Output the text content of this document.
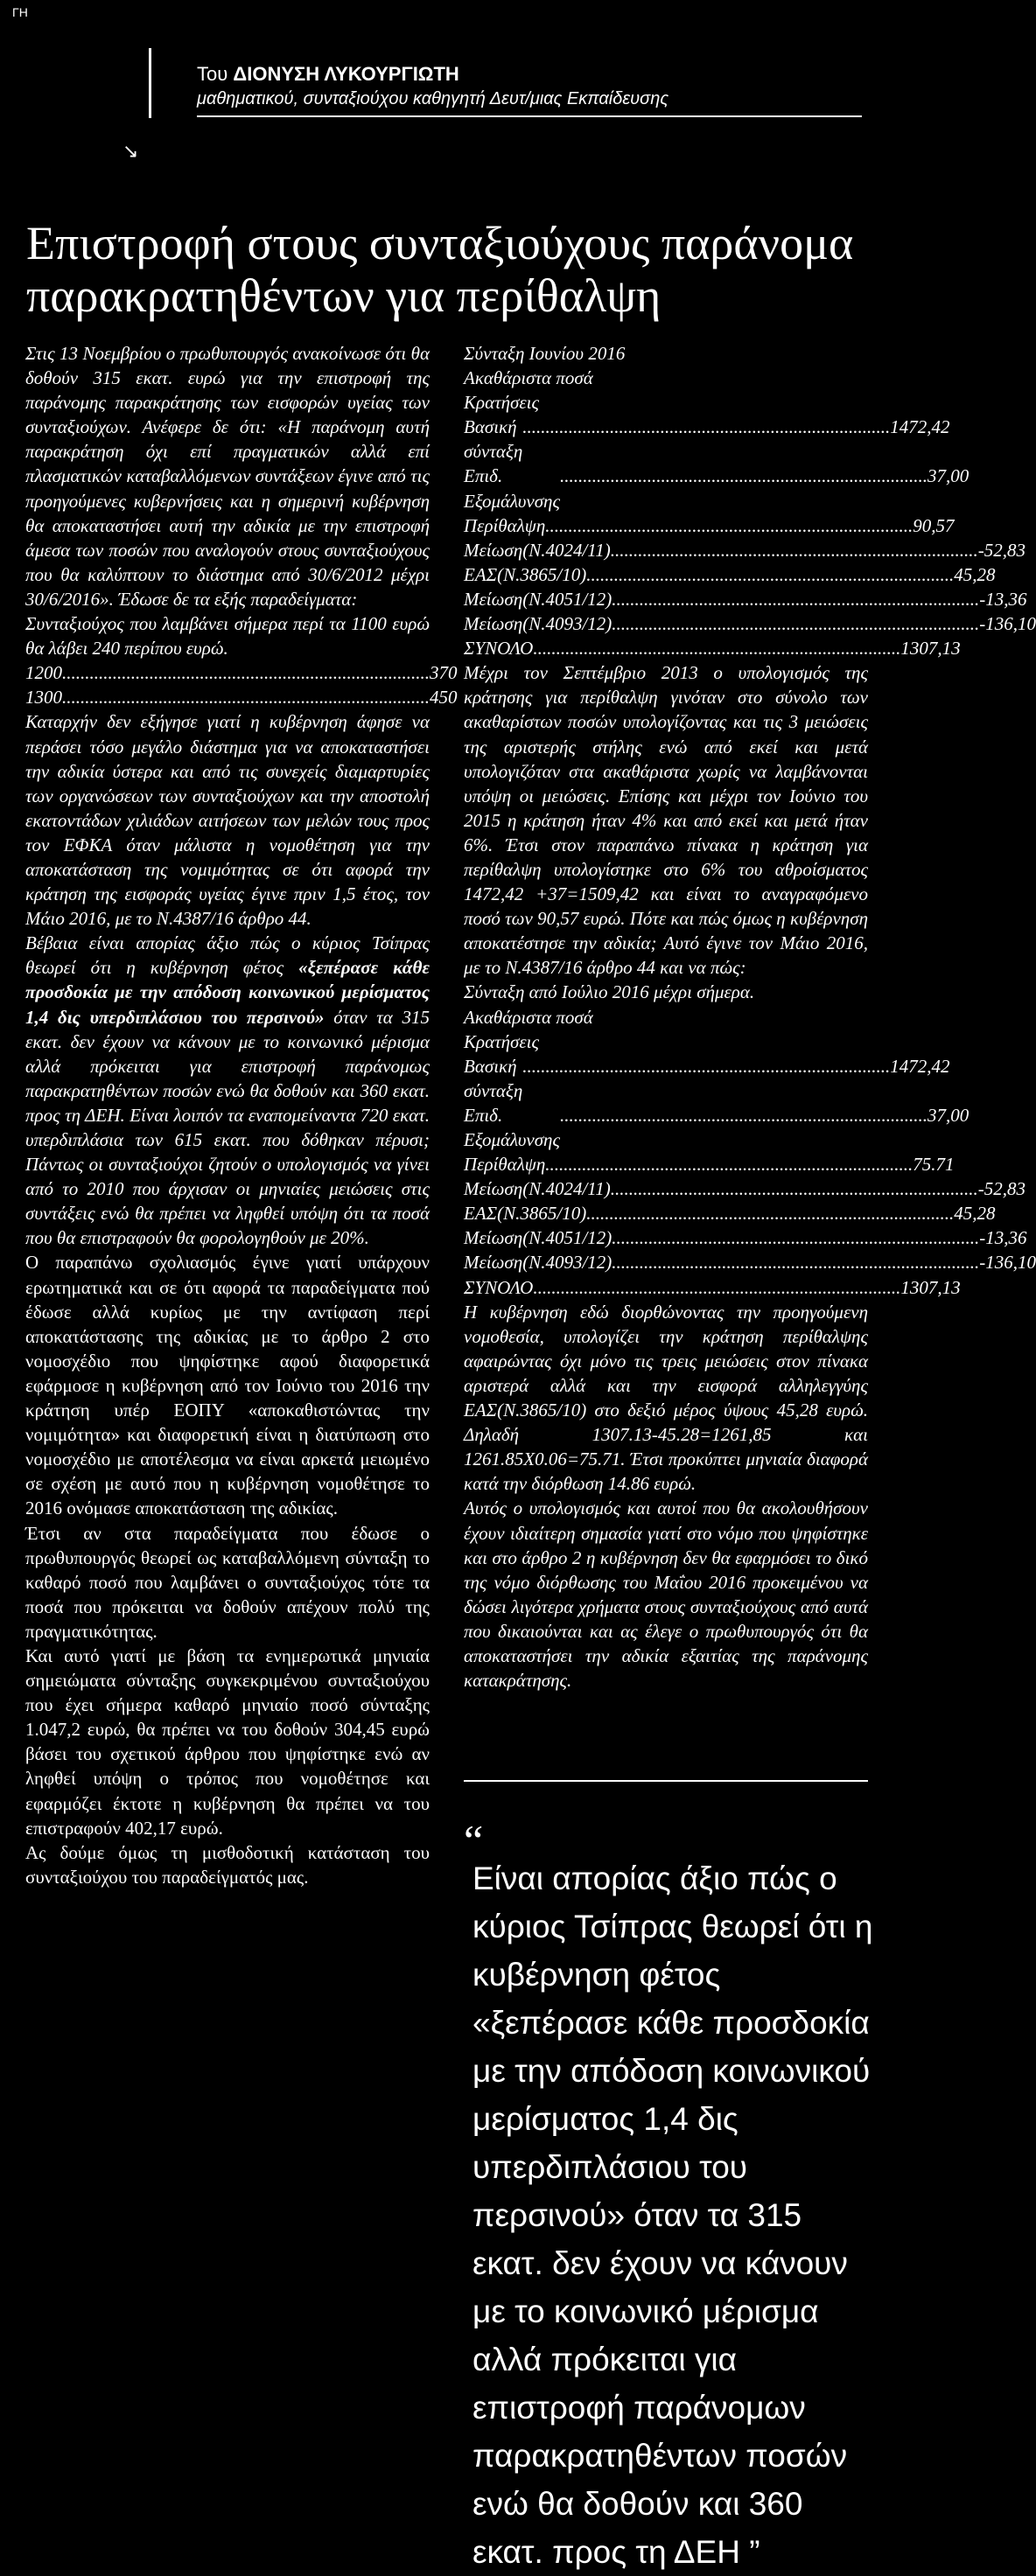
ΓΗ
Του ΔΙΟΝΥΣΗ ΛΥΚΟΥΡΓΙΩΤΗ
μαθηματικού, συνταξιούχου καθηγητή Δευτ/μιας Εκπαίδευσης
↘
Επιστροφή στους συνταξιούχους παράνομα παρακρατηθέντων για περίθαλψη

Στις 13 Νοεμβρίου ο πρωθυπουργός ανακοίνωσε ότι θα δοθούν 315 εκατ. ευρώ για την επιστροφή της παράνομης παρακράτησης των εισφορών υγείας των συνταξιούχων. Ανέφερε δε ότι: «Η παράνομη αυτή παρακράτηση όχι επί πραγματικών αλλά επί πλασματικών καταβαλλόμενων συντάξεων έγινε από τις προηγούμενες κυβερνήσεις και η σημερινή κυβέρνηση θα αποκαταστήσει αυτή την αδικία με την επιστροφή άμεσα των ποσών που αναλογούν στους συνταξιούχους που θα καλύπτουν το διάστημα από 30/6/2012 μέχρι 30/6/2016». Έδωσε δε τα εξής παραδείγματα:

Συνταξιούχος που λαμβάνει σήμερα περί τα 1100 ευρώ θα λάβει 240 περίπου ευρώ.

1200 ................................................................................ 370
1300 ................................................................................ 450

Καταρχήν δεν εξήγησε γιατί η κυβέρνηση άφησε να περάσει τόσο μεγάλο διάστημα για να αποκαταστήσει την αδικία ύστερα και από τις συνεχείς διαμαρτυρίες των οργανώσεων των συνταξιούχων και την αποστολή εκατοντάδων χιλιάδων αιτήσεων των μελών τους προς τον ΕΦΚΑ όταν μάλιστα η νομοθέτηση για την αποκατάσταση της νομιμότητας σε ότι αφορά την κράτηση της εισφοράς υγείας έγινε πριν 1,5 έτος, τον Μάιο 2016, με το Ν.4387/16 άρθρο 44.

Βέβαια είναι απορίας άξιο πώς ο κύριος Τσίπρας θεωρεί ότι η κυβέρνηση φέτος «ξεπέρασε κάθε προσδοκία με την απόδοση κοινωνικού μερίσματος 1,4 δις υπερδιπλάσιου του περσινού» όταν τα 315 εκατ. δεν έχουν να κάνουν με το κοινωνικό μέρισμα αλλά πρόκειται για επιστροφή παράνομως παρακρατηθέντων ποσών ενώ θα δοθούν και 360 εκατ. προς τη ΔΕΗ. Είναι λοιπόν τα εναπομείναντα 720 εκατ. υπερδιπλάσια των 615 εκατ. που δόθηκαν πέρυσι; Πάντως οι συνταξιούχοι ζητούν ο υπολογισμός να γίνει από το 2010 που άρχισαν οι μηνιαίες μειώσεις στις συντάξεις ενώ θα πρέπει να ληφθεί υπόψη ότι τα ποσά που θα επιστραφούν θα φορολογηθούν με 20%.

Ο παραπάνω σχολιασμός έγινε γιατί υπάρχουν ερωτηματικά και σε ότι αφορά τα παραδείγματα πού έδωσε αλλά κυρίως με την αντίφαση περί αποκατάστασης της αδικίας με το άρθρο 2 στο νομοσχέδιο που ψηφίστηκε αφού διαφορετικά εφάρμοσε η κυβέρνηση από τον Ιούνιο του 2016 την κράτηση υπέρ ΕΟΠΥ «αποκαθιστώντας την νομιμότητα» και διαφορετική είναι η διατύπωση στο νομοσχέδιο με αποτέλεσμα να είναι αρκετά μειωμένο σε σχέση με αυτό που η κυβέρνηση νομοθέτησε το 2016 ονόμασε αποκατάσταση της αδικίας.

Έτσι αν στα παραδείγματα που έδωσε ο πρωθυπουργός θεωρεί ως καταβαλλόμενη σύνταξη το καθαρό ποσό που λαμβάνει ο συνταξιούχος τότε τα ποσά που πρόκειται να δοθούν απέχουν πολύ της πραγματικότητας.

Και αυτό γιατί με βάση τα ενημερωτικά μηνιαία σημειώματα σύνταξης συγκεκριμένου συνταξιούχου που έχει σήμερα καθαρό μηνιαίο ποσό σύνταξης 1.047,2 ευρώ, θα πρέπει να του δοθούν 304,45 ευρώ βάσει του σχετικού άρθρου που ψηφίστηκε ενώ αν ληφθεί υπόψη ο τρόπος που νομοθέτησε και εφαρμόζει έκτοτε η κυβέρνηση θα πρέπει να του επιστραφούν 402,17 ευρώ.

Ας δούμε όμως τη μισθοδοτική κατάσταση του συνταξιούχου του παραδείγματός μας.

Σύνταξη Ιουνίου 2016

Ακαθάριστα ποσά

Κρατήσεις

Βασική σύνταξη
................................................................................ 1472,42
Επιδ. Εξομάλυνσης
................................................................................ 37,00
Περίθαλψη ................................................................................ 90,57
Μείωση(Ν.4024/11) ................................................................................ -52,83
ΕΑΣ(Ν.3865/10) ................................................................................ 45,28
Μείωση(Ν.4051/12) ................................................................................ -13,36
Μείωση(Ν.4093/12) ................................................................................ -136,10
ΣΥΝΟΛΟ ................................................................................ 1307,13

Μέχρι τον Σεπτέμβριο 2013 ο υπολογισμός της κράτησης για περίθαλψη γινόταν στο σύνολο των ακαθαρίστων ποσών υπολογίζοντας και τις 3 μειώσεις της αριστερής στήλης ενώ από εκεί και μετά υπολογιζόταν στα ακαθάριστα χωρίς να λαμβάνονται υπόψη οι μειώσεις. Επίσης και μέχρι τον Ιούνιο του 2015 η κράτηση ήταν 4% και από εκεί και μετά ήταν 6%. Έτσι στον παραπάνω πίνακα η κράτηση για περίθαλψη υπολογίστηκε στο 6% του αθροίσματος 1472,42 +37=1509,42 και είναι το αναγραφόμενο ποσό των 90,57 ευρώ. Πότε και πώς όμως η κυβέρνηση αποκατέστησε την αδικία; Αυτό έγινε τον Μάιο 2016, με το Ν.4387/16 άρθρο 44 και να πώς:

Σύνταξη από Ιούλιο 2016 μέχρι σήμερα.

Ακαθάριστα ποσά

Κρατήσεις

Βασική σύνταξη
................................................................................ 1472,42
Επιδ. Εξομάλυνσης
................................................................................ 37,00
Περίθαλψη ................................................................................ 75.71
Μείωση(Ν.4024/11) ................................................................................ -52,83
ΕΑΣ(Ν.3865/10) ................................................................................ 45,28
Μείωση(Ν.4051/12) ................................................................................ -13,36
Μείωση(Ν.4093/12) ................................................................................ -136,10
ΣΥΝΟΛΟ ................................................................................ 1307,13

Η κυβέρνηση εδώ διορθώνοντας την προηγούμενη νομοθεσία, υπολογίζει την κράτηση περίθαλψης αφαιρώντας όχι μόνο τις τρεις μειώσεις στον πίνακα αριστερά αλλά και την εισφορά αλληλεγγύης ΕΑΣ(Ν.3865/10) στο δεξιό μέρος ύψους 45,28 ευρώ. Δηλαδή 1307.13-45.28=1261,85 και 1261.85Χ0.06=75.71. Έτσι προκύπτει μηνιαία διαφορά κατά την διόρθωση 14.86 ευρώ.

Αυτός ο υπολογισμός και αυτοί που θα ακολουθήσουν έχουν ιδιαίτερη σημασία γιατί στο νόμο που ψηφίστηκε και στο άρθρο 2 η κυβέρνηση δεν θα εφαρμόσει το δικό της νόμο διόρθωσης του Μαΐου 2016 προκειμένου να δώσει λιγότερα χρήματα στους συνταξιούχους από αυτά που δικαιούνται και ας έλεγε ο πρωθυπουργός ότι θα αποκαταστήσει την αδικία εξαιτίας της παράνομης κατακράτησης.

“

Είναι απορίας άξιο πώς ο κύριος Τσίπρας θεωρεί ότι η κυβέρνηση φέτος «ξεπέρασε κάθε προσδοκία με την απόδοση κοινωνικού μερίσματος 1,4 δις υπερδιπλάσιου του περσινού» όταν τα 315 εκατ. δεν έχουν να κάνουν με το κοινωνικό μέρισμα αλλά πρόκειται για επιστροφή παράνομων παρακρατηθέντων ποσών ενώ θα δοθούν και 360 εκατ. προς τη ΔΕΗ ”
